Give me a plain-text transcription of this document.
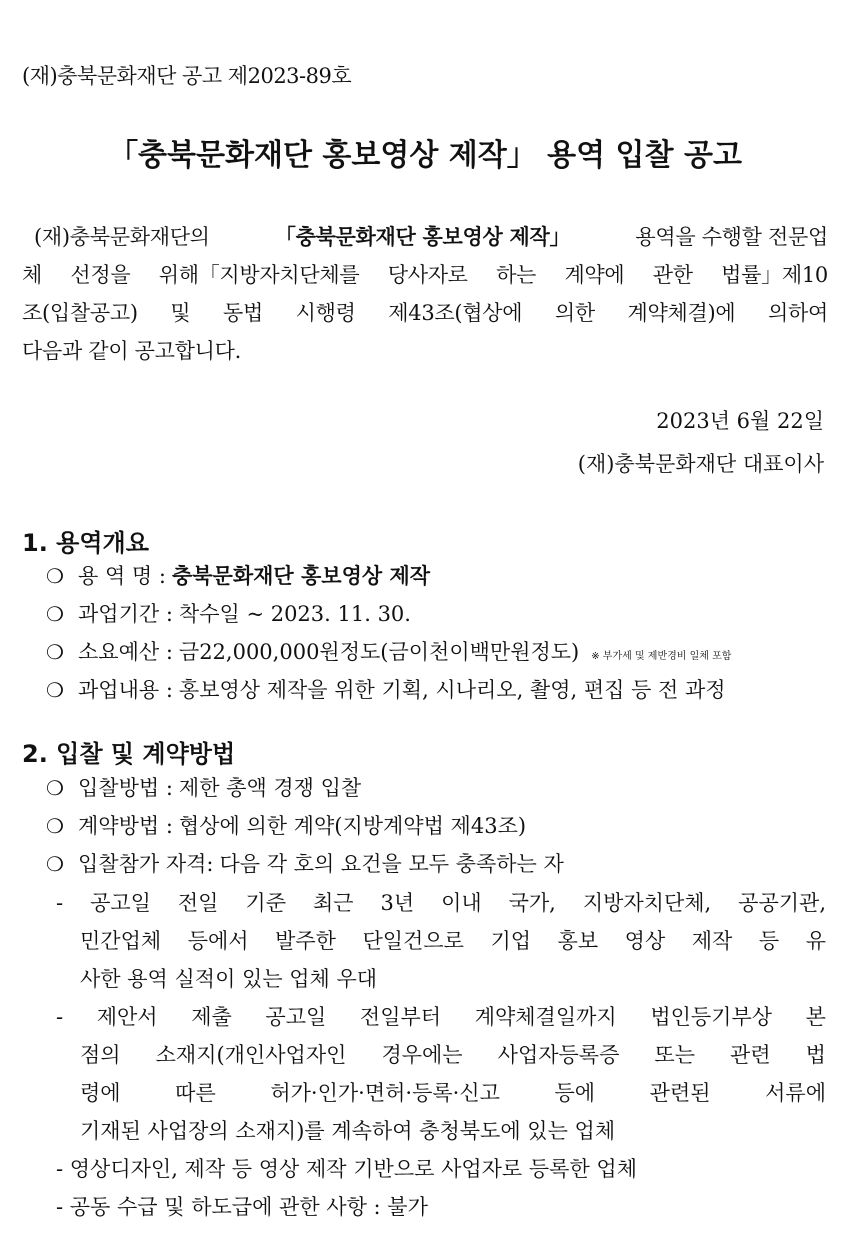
(재)충북문화재단 공고 제2023-89호
「충북문화재단 홍보영상 제작」 용역 입찰 공고
(재)충북문화재단의	「충북문화재단 홍보영상 제작」	용역을 수행할 전문업
체 선정을 위해「지방자치단체를 당사자로 하는 계약에 관한 법률」제10
조(입찰공고) 및 동법 시행령 제43조(협상에 의한 계약체결)에 의하여
다음과 같이 공고합니다.
2023년 6월 22일
(재)충북문화재단 대표이사
1. 용역개요
❍ 용 역 명 : 충북문화재단 홍보영상 제작
❍ 과업기간 : 착수일 ~ 2023. 11. 30.
❍ 소요예산 : 금22,000,000원정도(금이천이백만원정도) ※ 부가세 및 제반경비 일체 포함
❍ 과업내용 : 홍보영상 제작을 위한 기획, 시나리오, 촬영, 편집 등 전 과정
2. 입찰 및 계약방법
❍ 입찰방법 : 제한 총액 경쟁 입찰
❍ 계약방법 : 협상에 의한 계약(지방계약법 제43조)
❍ 입찰참가 자격: 다음 각 호의 요건을 모두 충족하는 자
- 공고일 전일 기준 최근 3년 이내 국가, 지방자치단체, 공공기관,
민간업체 등에서 발주한 단일건으로 기업 홍보 영상 제작 등 유
사한 용역 실적이 있는 업체 우대
- 제안서 제출 공고일 전일부터 계약체결일까지 법인등기부상 본
점의 소재지(개인사업자인 경우에는 사업자등록증 또는 관련 법
령에	따른	허가·인가·면허·등록·신고	등에	관련된	서류에
기재된 사업장의 소재지)를 계속하여 충청북도에 있는 업체
- 영상디자인, 제작 등 영상 제작 기반으로 사업자로 등록한 업체
- 공동 수급 및 하도급에 관한 사항 : 불가
